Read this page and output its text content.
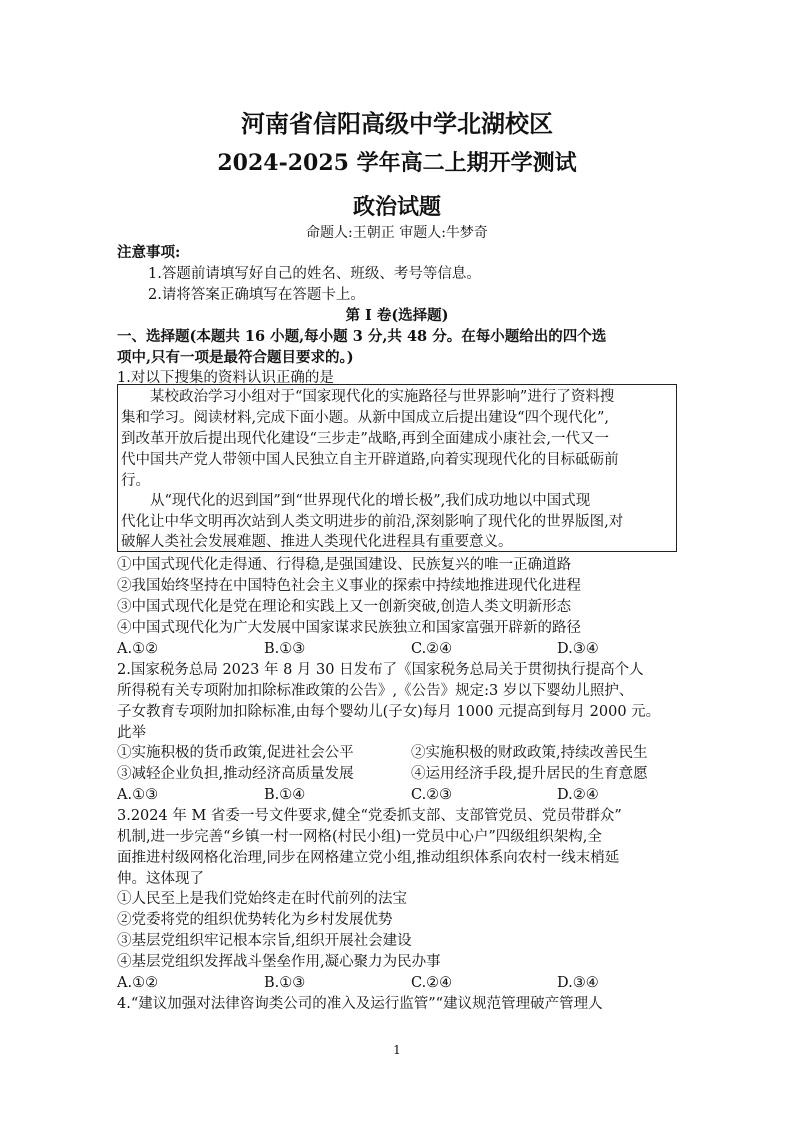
河南省信阳高级中学北湖校区
2024-2025 学年高二上期开学测试
政治试题
命题人:王朝正 审题人:牛梦奇
注意事项:
1.答题前请填写好自己的姓名、班级、考号等信息。
2.请将答案正确填写在答题卡上。
第 I 卷(选择题)
一、选择题(本题共 16 小题,每小题 3 分,共 48 分。在每小题给出的四个选
项中,只有一项是最符合题目要求的。)
1.对以下搜集的资料认识正确的是
某校政治学习小组对于“国家现代化的实施路径与世界影响”进行了资料搜
集和学习。阅读材料,完成下面小题。从新中国成立后提出建设“四个现代化”,
到改革开放后提出现代化建设“三步走”战略,再到全面建成小康社会,一代又一
代中国共产党人带领中国人民独立自主开辟道路,向着实现现代化的目标砥砺前
行。
从“现代化的迟到国”到“世界现代化的增长极”,我们成功地以中国式现
代化让中华文明再次站到人类文明进步的前沿,深刻影响了现代化的世界版图,对
破解人类社会发展难题、推进人类现代化进程具有重要意义。
①中国式现代化走得通、行得稳,是强国建设、民族复兴的唯一正确道路
②我国始终坚持在中国特色社会主义事业的探索中持续地推进现代化进程
③中国式现代化是党在理论和实践上又一创新突破,创造人类文明新形态
④中国式现代化为广大发展中国家谋求民族独立和国家富强开辟新的路径
A.①②	B.①③	C.②④	D.③④
2.国家税务总局 2023 年 8 月 30 日发布了《国家税务总局关于贯彻执行提高个人
所得税有关专项附加扣除标准政策的公告》,《公告》规定:3 岁以下婴幼儿照护、
子女教育专项附加扣除标准,由每个婴幼儿(子女)每月 1000 元提高到每月 2000 元。
此举
①实施积极的货币政策,促进社会公平	②实施积极的财政政策,持续改善民生
③减轻企业负担,推动经济高质量发展	④运用经济手段,提升居民的生育意愿
A.①③	B.①④	C.②③	D.②④
3.2024 年 M 省委一号文件要求,健全“党委抓支部、支部管党员、党员带群众”
机制,进一步完善“乡镇一村一网格(村民小组)一党员中心户”四级组织架构,全
面推进村级网格化治理,同步在网格建立党小组,推动组织体系向农村一线末梢延
伸。这体现了
①人民至上是我们党始终走在时代前列的法宝
②党委将党的组织优势转化为乡村发展优势
③基层党组织牢记根本宗旨,组织开展社会建设
④基层党组织发挥战斗堡垒作用,凝心聚力为民办事
A.①②	B.①③	C.②④	D.③④
4.“建议加强对法律咨询类公司的准入及运行监管”“建议规范管理破产管理人
1
